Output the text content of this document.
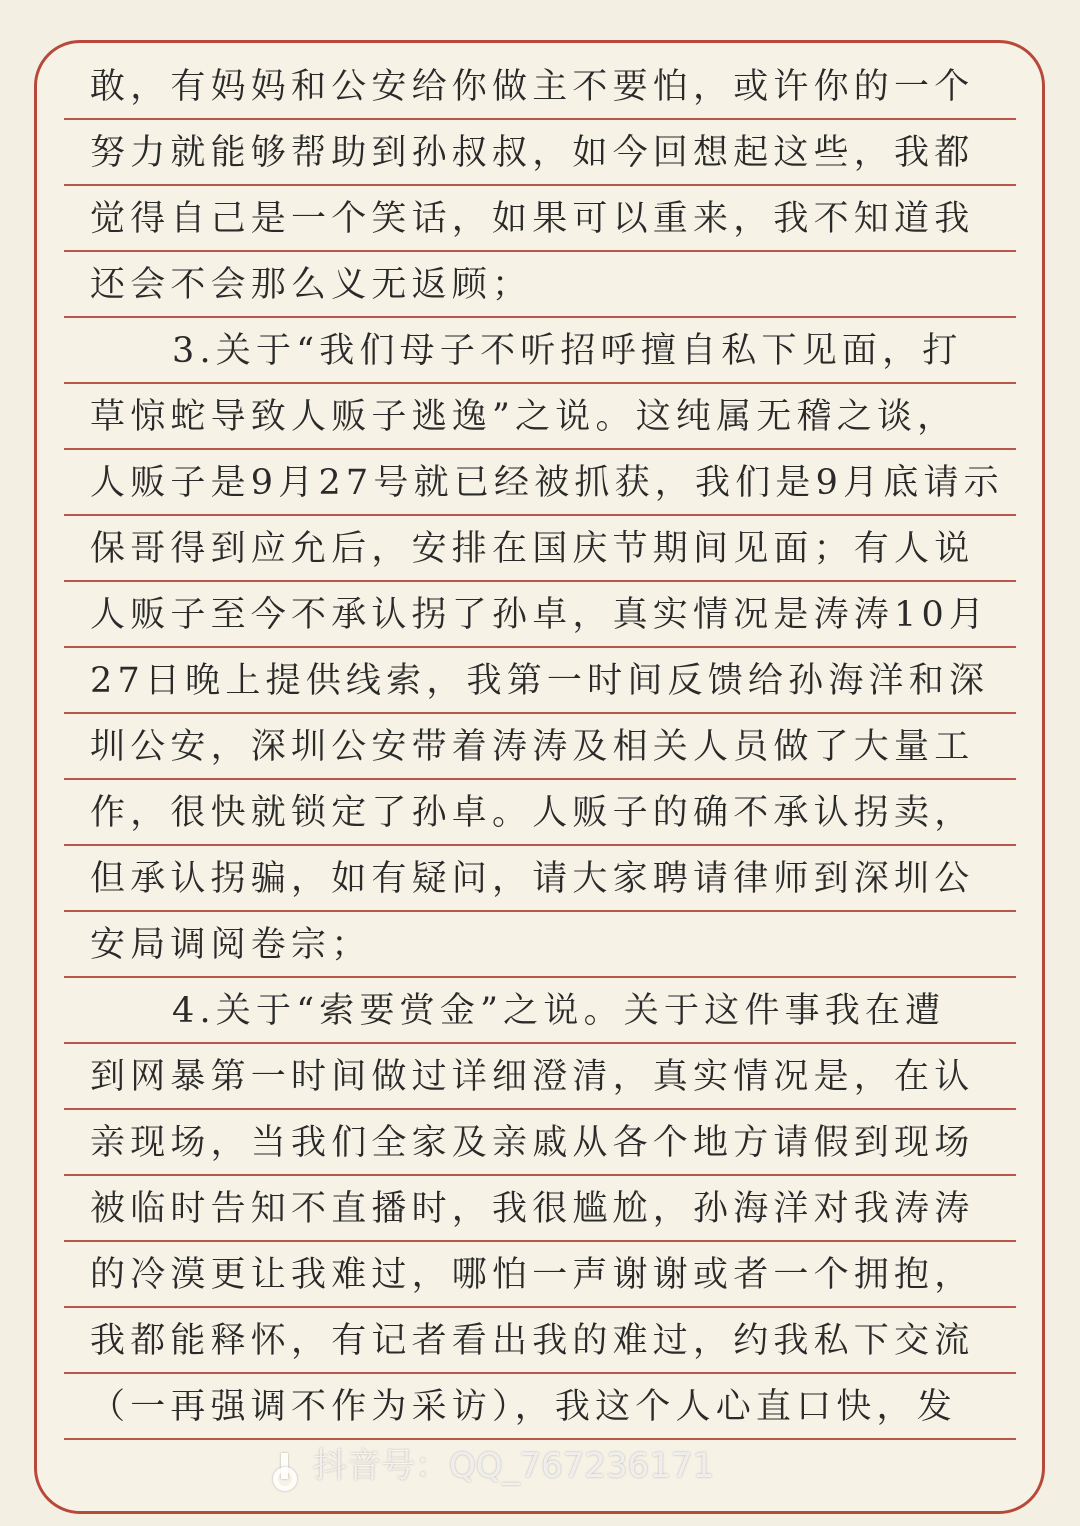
敢，有妈妈和公安给你做主不要怕，或许你的一个
努力就能够帮助到孙叔叔，如今回想起这些，我都
觉得自己是一个笑话，如果可以重来，我不知道我
还会不会那么义无返顾；
3.关于“我们母子不听招呼擅自私下见面，打
草惊蛇导致人贩子逃逸”之说。这纯属无稽之谈，
人贩子是9月27号就已经被抓获，我们是9月底请示
保哥得到应允后，安排在国庆节期间见面；有人说
人贩子至今不承认拐了孙卓，真实情况是涛涛10月
27日晚上提供线索，我第一时间反馈给孙海洋和深
圳公安，深圳公安带着涛涛及相关人员做了大量工
作，很快就锁定了孙卓。人贩子的确不承认拐卖，
但承认拐骗，如有疑问，请大家聘请律师到深圳公
安局调阅卷宗；
4.关于“索要赏金”之说。关于这件事我在遭
到网暴第一时间做过详细澄清，真实情况是，在认
亲现场，当我们全家及亲戚从各个地方请假到现场
被临时告知不直播时，我很尴尬，孙海洋对我涛涛
的冷漠更让我难过，哪怕一声谢谢或者一个拥抱，
我都能释怀，有记者看出我的难过，约我私下交流
（一再强调不作为采访），我这个人心直口快，发
抖音号：QQ_767236171
